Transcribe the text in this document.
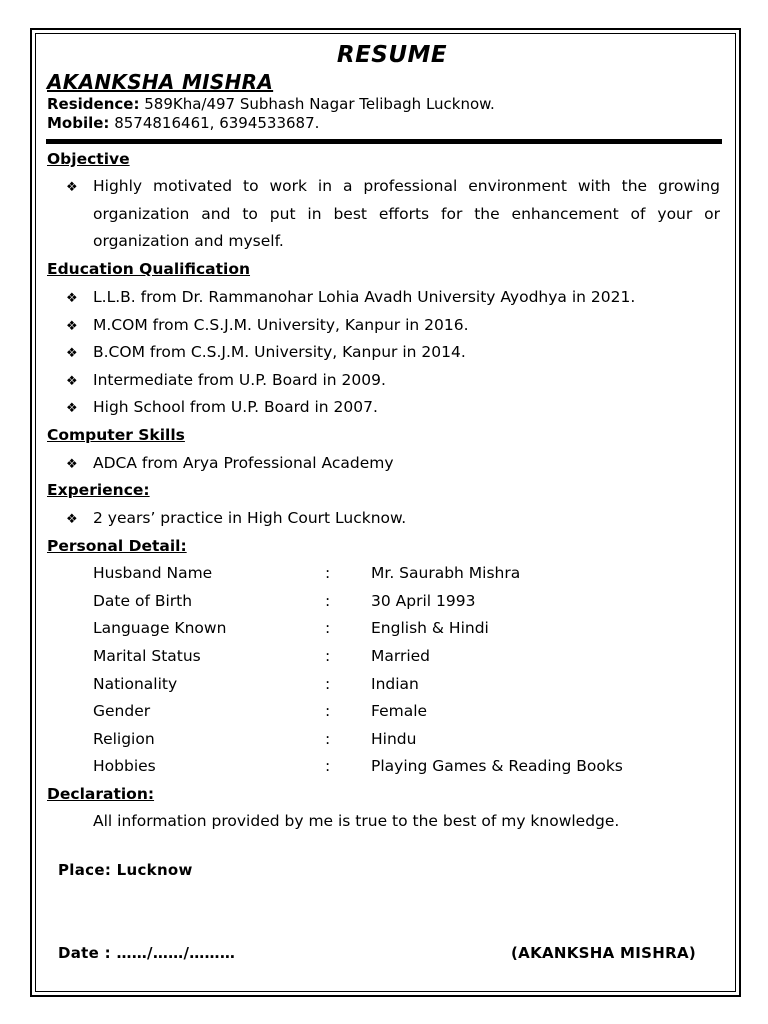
RESUME
AKANKSHA MISHRA
Residence: 589Kha/497 Subhash Nagar Telibagh Lucknow.
Mobile: 8574816461, 6394533687.
Objective
❖ Highly motivated to work in a professional environment with the growing organization and to put in best efforts for the enhancement of your or organization and myself.
Education Qualification
❖ L.L.B. from Dr. Rammanohar Lohia Avadh University Ayodhya in 2021.
❖ M.COM from C.S.J.M. University, Kanpur in 2016.
❖ B.COM from C.S.J.M. University, Kanpur in 2014.
❖ Intermediate from U.P. Board in 2009.
❖ High School from U.P. Board in 2007.
Computer Skills
❖ ADCA from Arya Professional Academy
Experience:
❖ 2 years’ practice in High Court Lucknow.
Personal Detail:
Husband Name	:	Mr. Saurabh Mishra
Date of Birth	:	30 April 1993
Language Known	:	English & Hindi
Marital Status	:	Married
Nationality	:	Indian
Gender	:	Female
Religion	:	Hindu
Hobbies	:	Playing Games & Reading Books
Declaration:
All information provided by me is true to the best of my knowledge.
Place: Lucknow
Date : ……/……/………	(AKANKSHA MISHRA)
